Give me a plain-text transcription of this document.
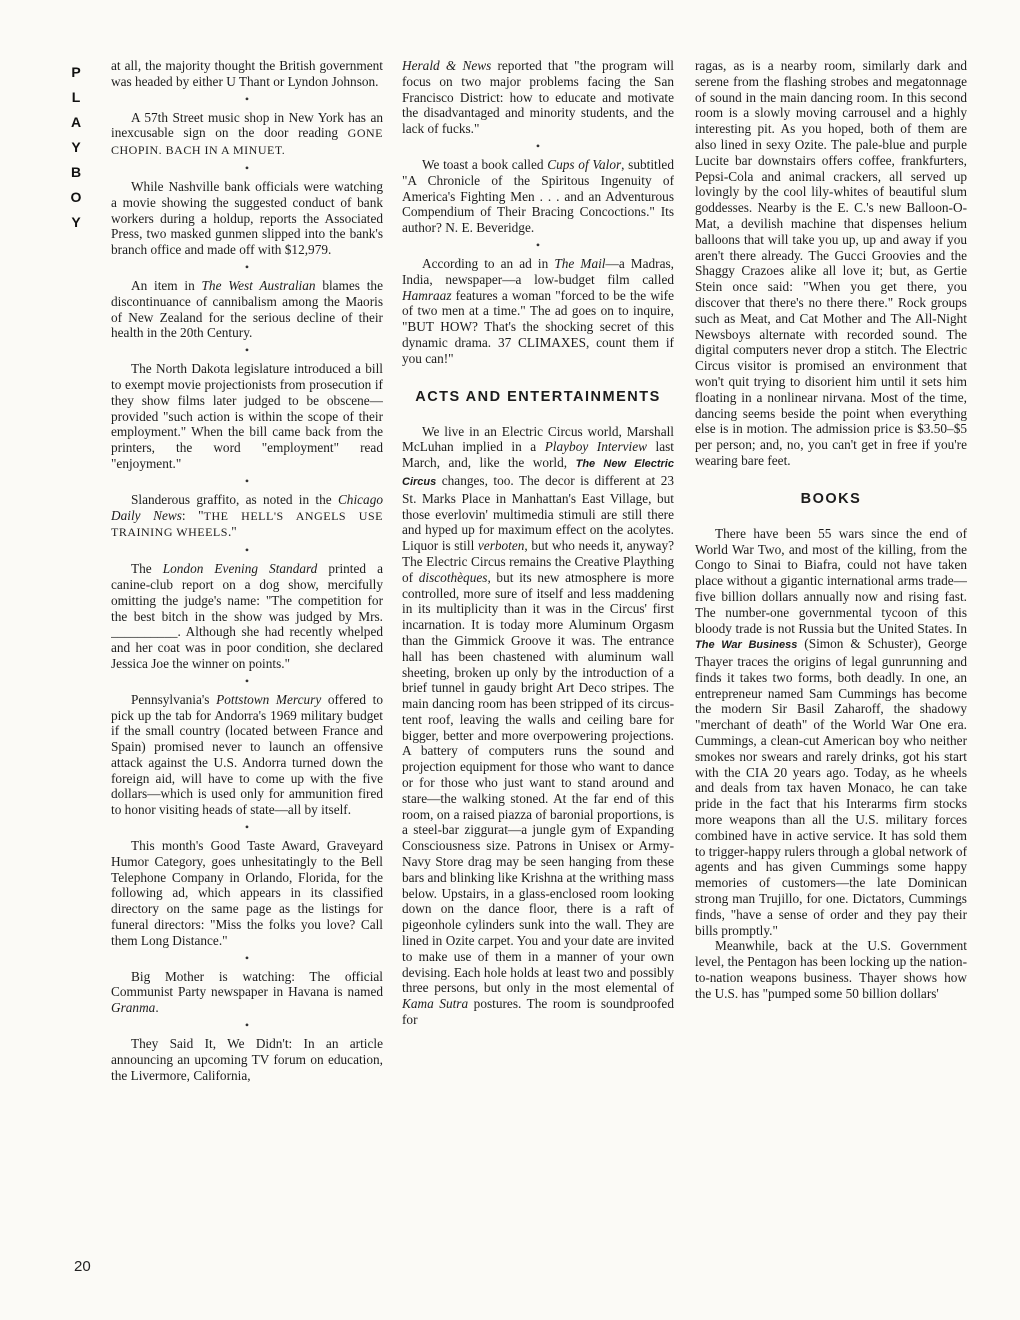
P
L
A
Y
B
O
Y
20

at all, the majority thought the British government was headed by either U Thant or Lyndon Johnson.

•

A 57th Street music shop in New York has an inexcusable sign on the door reading GONE CHOPIN. BACH IN A MINUET.

•

While Nashville bank officials were watching a movie showing the suggested conduct of bank workers during a holdup, reports the Associated Press, two masked gunmen slipped into the bank's branch office and made off with $12,979.

•

An item in The West Australian blames the discontinuance of cannibalism among the Maoris of New Zealand for the serious decline of their health in the 20th Century.

•

The North Dakota legislature introduced a bill to exempt movie projectionists from prosecution if they show films later judged to be obscene—provided "such action is within the scope of their employment." When the bill came back from the printers, the word "employment" read "enjoyment."

•

Slanderous graffito, as noted in the Chicago Daily News: "THE HELL'S ANGELS USE TRAINING WHEELS."

•

The London Evening Standard printed a canine-club report on a dog show, mercifully omitting the judge's name: "The competition for the best bitch in the show was judged by Mrs. __________. Although she had recently whelped and her coat was in poor condition, she declared Jessica Joe the winner on points."

•

Pennsylvania's Pottstown Mercury offered to pick up the tab for Andorra's 1969 military budget if the small country (located between France and Spain) promised never to launch an offensive attack against the U.S. Andorra turned down the foreign aid, will have to come up with the five dollars—which is used only for ammunition fired to honor visiting heads of state—all by itself.

•

This month's Good Taste Award, Graveyard Humor Category, goes unhesitatingly to the Bell Telephone Company in Orlando, Florida, for the following ad, which appears in its classified directory on the same page as the listings for funeral directors: "Miss the folks you love? Call them Long Distance."

•

Big Mother is watching: The official Communist Party newspaper in Havana is named Granma.

•

They Said It, We Didn't: In an article announcing an upcoming TV forum on education, the Livermore, California,

Herald & News reported that "the program will focus on two major problems facing the San Francisco District: how to educate and motivate the disadvantaged and minority students, and the lack of fucks."

•

We toast a book called Cups of Valor, subtitled "A Chronicle of the Spiritous Ingenuity of America's Fighting Men . . . and an Adventurous Compendium of Their Bracing Concoctions." Its author? N. E. Beveridge.

•

According to an ad in The Mail—a Madras, India, newspaper—a low-budget film called Hamraaz features a woman "forced to be the wife of two men at a time." The ad goes on to inquire, "BUT HOW? That's the shocking secret of this dynamic drama. 37 CLIMAXES, count them if you can!"

ACTS AND ENTERTAINMENTS

We live in an Electric Circus world, Marshall McLuhan implied in a Playboy Interview last March, and, like the world, The New Electric Circus changes, too. The decor is different at 23 St. Marks Place in Manhattan's East Village, but those everlovin' multimedia stimuli are still there and hyped up for maximum effect on the acolytes. Liquor is still verboten, but who needs it, anyway? The Electric Circus remains the Creative Plaything of discothèques, but its new atmosphere is more controlled, more sure of itself and less maddening in its multiplicity than it was in the Circus' first incarnation. It is today more Aluminum Orgasm than the Gimmick Groove it was. The entrance hall has been chastened with aluminum wall sheeting, broken up only by the introduction of a brief tunnel in gaudy bright Art Deco stripes. The main dancing room has been stripped of its circus-tent roof, leaving the walls and ceiling bare for bigger, better and more overpowering projections. A battery of computers runs the sound and projection equipment for those who want to dance or for those who just want to stand around and stare—the walking stoned. At the far end of this room, on a raised piazza of baronial proportions, is a steel-bar ziggurat—a jungle gym of Expanding Consciousness size. Patrons in Unisex or Army-Navy Store drag may be seen hanging from these bars and blinking like Krishna at the writhing mass below. Upstairs, in a glass-enclosed room looking down on the dance floor, there is a raft of pigeonhole cylinders sunk into the wall. They are lined in Ozite carpet. You and your date are invited to make use of them in a manner of your own devising. Each hole holds at least two and possibly three persons, but only in the most elemental of Kama Sutra postures. The room is soundproofed for

ragas, as is a nearby room, similarly dark and serene from the flashing strobes and megatonnage of sound in the main dancing room. In this second room is a slowly moving carrousel and a highly interesting pit. As you hoped, both of them are also lined in sexy Ozite. The pale-blue and purple Lucite bar downstairs offers coffee, frankfurters, Pepsi-Cola and animal crackers, all served up lovingly by the cool lily-whites of beautiful slum goddesses. Nearby is the E. C.'s new Balloon-O-Mat, a devilish machine that dispenses helium balloons that will take you up, up and away if you aren't there already. The Gucci Groovies and the Shaggy Crazoes alike all love it; but, as Gertie Stein once said: "When you get there, you discover that there's no there there." Rock groups such as Meat, and Cat Mother and The All-Night Newsboys alternate with recorded sound. The digital computers never drop a stitch. The Electric Circus visitor is promised an environment that won't quit trying to disorient him until it sets him floating in a nonlinear nirvana. Most of the time, dancing seems beside the point when everything else is in motion. The admission price is $3.50–$5 per person; and, no, you can't get in free if you're wearing bare feet.

BOOKS

There have been 55 wars since the end of World War Two, and most of the killing, from the Congo to Sinai to Biafra, could not have taken place without a gigantic international arms trade—five billion dollars annually now and rising fast. The number-one governmental tycoon of this bloody trade is not Russia but the United States. In The War Business (Simon & Schuster), George Thayer traces the origins of legal gunrunning and finds it takes two forms, both deadly. In one, an entrepreneur named Sam Cummings has become the modern Sir Basil Zaharoff, the shadowy "merchant of death" of the World War One era. Cummings, a clean-cut American boy who neither smokes nor swears and rarely drinks, got his start with the CIA 20 years ago. Today, as he wheels and deals from tax haven Monaco, he can take pride in the fact that his Interarms firm stocks more weapons than all the U.S. military forces combined have in active service. It has sold them to trigger-happy rulers through a global network of agents and has given Cummings some happy memories of customers—the late Dominican strong man Trujillo, for one. Dictators, Cummings finds, "have a sense of order and they pay their bills promptly."

Meanwhile, back at the U.S. Government level, the Pentagon has been locking up the nation-to-nation weapons business. Thayer shows how the U.S. has "pumped some 50 billion dollars'
